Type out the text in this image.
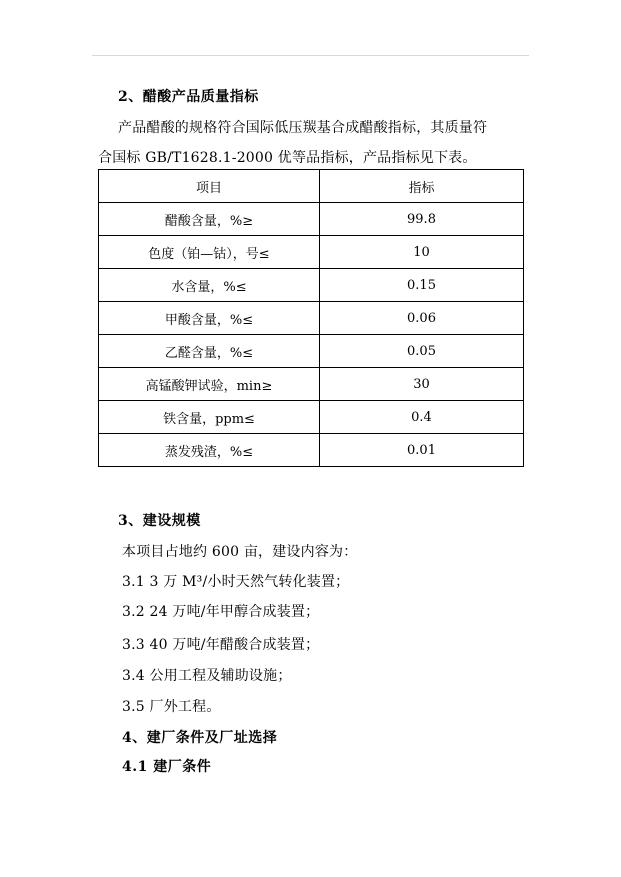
2、醋酸产品质量指标
产品醋酸的规格符合国际低压羰基合成醋酸指标，其质量符
合国标 GB/T1628.1-2000 优等品指标，产品指标见下表。
项目	指标
醋酸含量，%≥	99.8
色度（铂—钴），号≤	10
水含量，%≤	0.15
甲酸含量，%≤	0.06
乙醛含量，%≤	0.05
高锰酸钾试验，min≥	30
铁含量，ppm≤	0.4
蒸发残渣，%≤	0.01
3、建设规模
本项目占地约 600 亩，建设内容为：
3.1 3 万 M³/小时天然气转化装置；
3.2 24 万吨/年甲醇合成装置；
3.3 40 万吨/年醋酸合成装置；
3.4 公用工程及辅助设施；
3.5 厂外工程。
4、建厂条件及厂址选择
4.1 建厂条件
